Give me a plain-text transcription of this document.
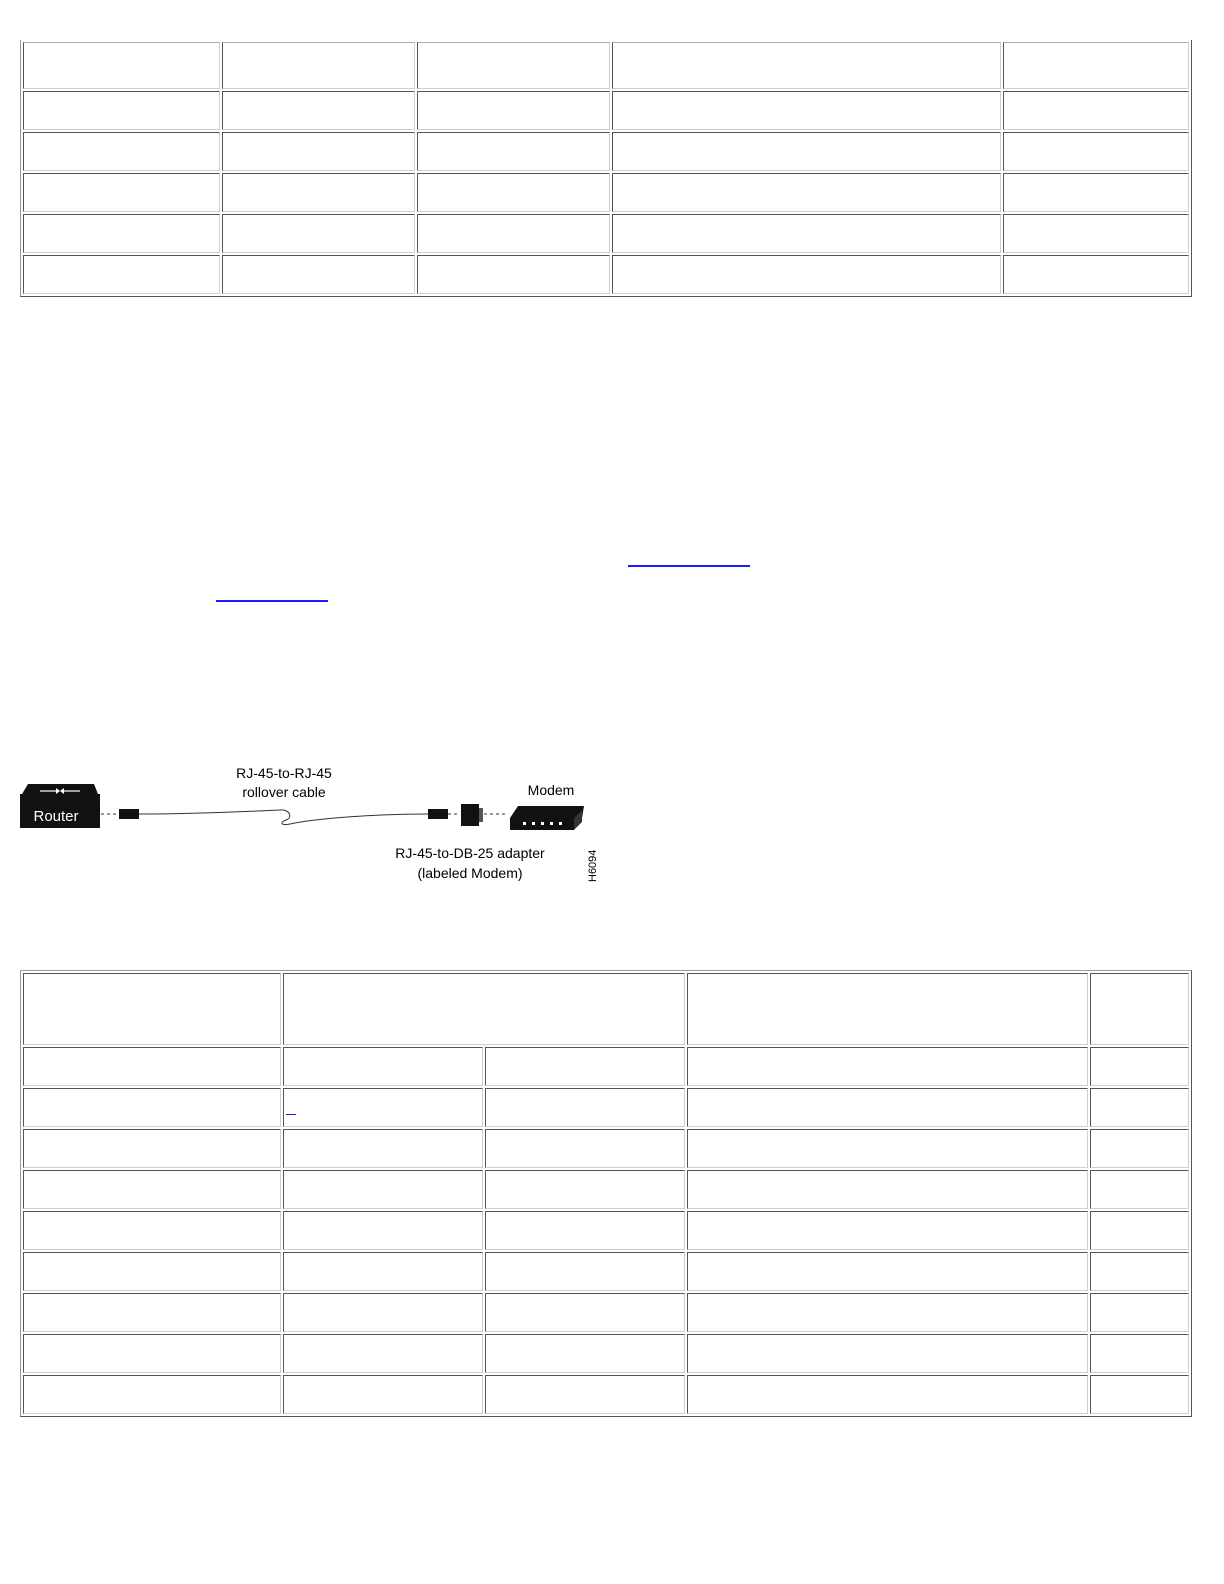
Router
RJ-45-to-RJ-45
rollover cable	Modem
RJ-45-to-DB-25 adapter
(labeled Modem)	H6094
